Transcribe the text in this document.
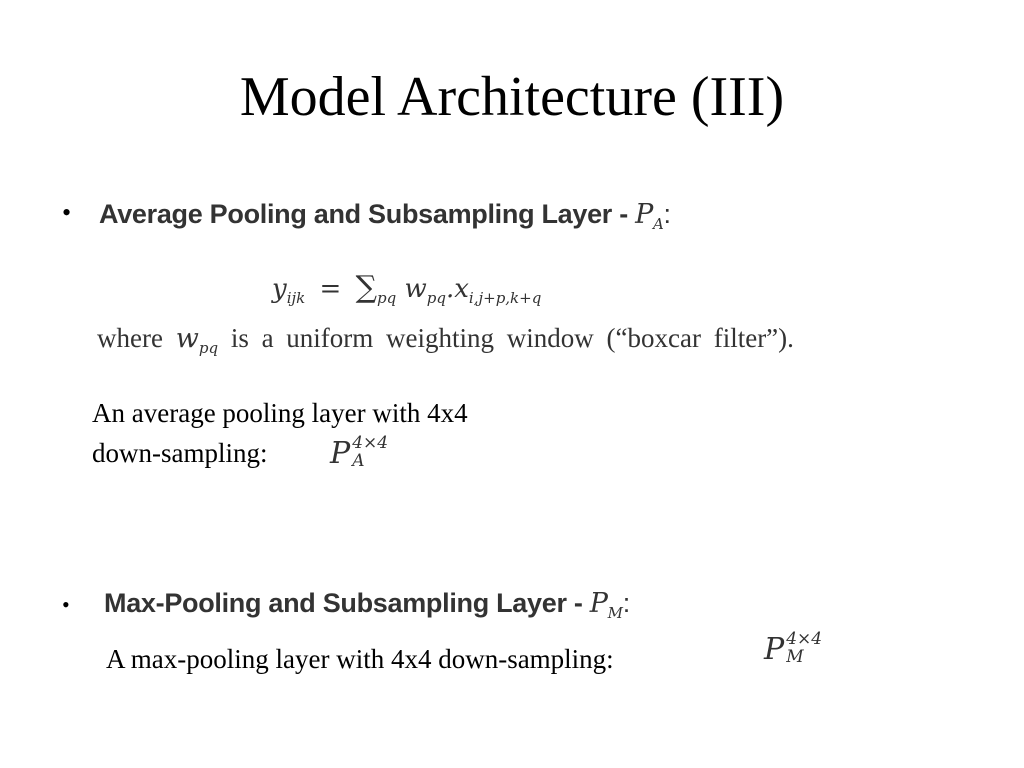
Model Architecture (III)
• Average Pooling and Subsampling Layer - $P_A$:
$y_{ijk} = \sum_{pq}$ $w_{pq}.x_{i,j+p,k+q}$
where $w_{pq}$ is a uniform weighting window (“boxcar filter”).
An average pooling layer with 4x4
down-sampling: P 4×4
A
• Max-Pooling and Subsampling Layer - $P_M$:
A max-pooling layer with 4x4 down-sampling:	P 4×4
M
